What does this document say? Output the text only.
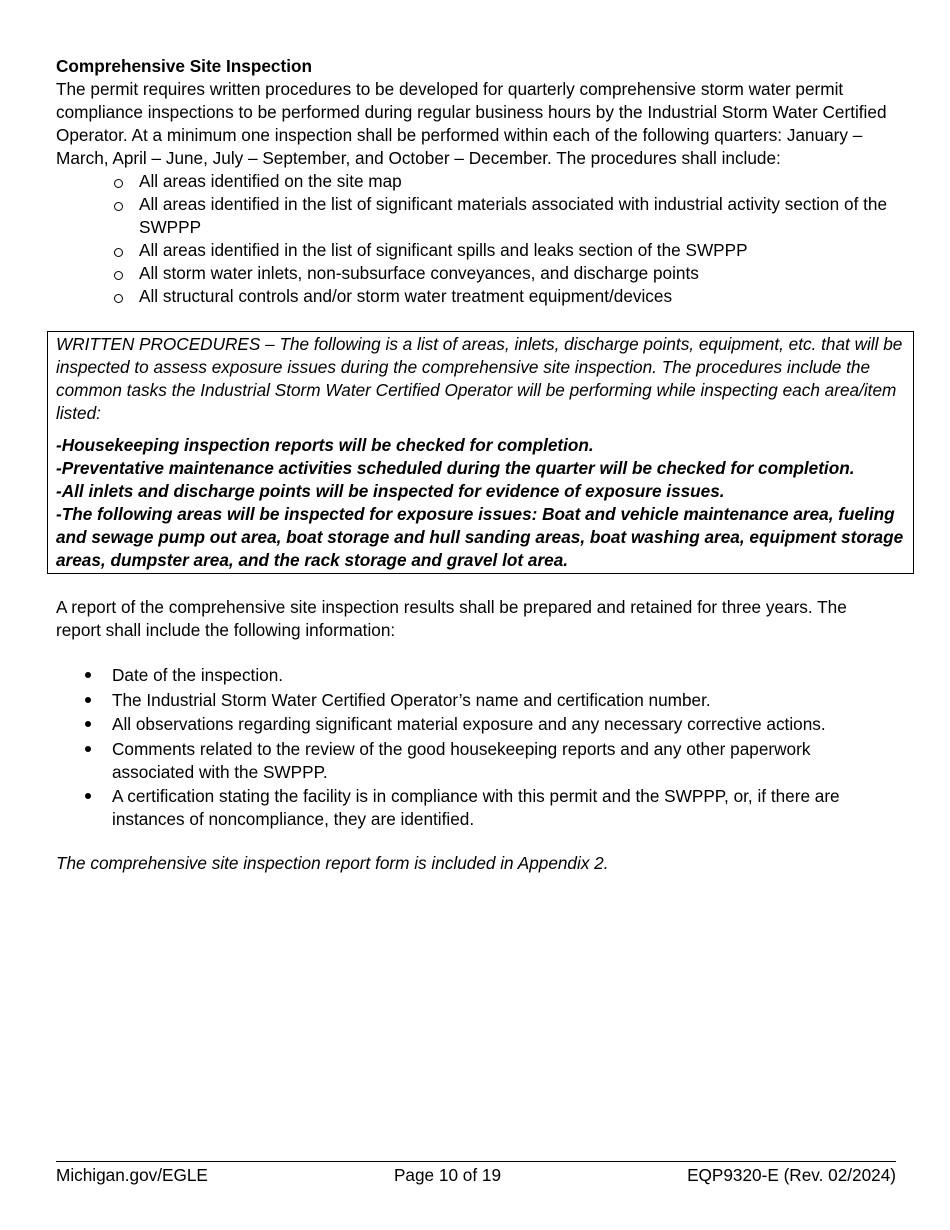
Comprehensive Site Inspection

The permit requires written procedures to be developed for quarterly comprehensive storm water permit compliance inspections to be performed during regular business hours by the Industrial Storm Water Certified Operator. At a minimum one inspection shall be performed within each of the following quarters: January – March, April – June, July – September, and October – December. The procedures shall include:

All areas identified on the site map
All areas identified in the list of significant materials associated with industrial activity section of the SWPPP
All areas identified in the list of significant spills and leaks section of the SWPPP
All storm water inlets, non-subsurface conveyances, and discharge points
All structural controls and/or storm water treatment equipment/devices
WRITTEN PROCEDURES – The following is a list of areas, inlets, discharge points, equipment, etc. that will be inspected to assess exposure issues during the comprehensive site inspection. The procedures include the common tasks the Industrial Storm Water Certified Operator will be performing while inspecting each area/item listed:
-Housekeeping inspection reports will be checked for completion.
-Preventative maintenance activities scheduled during the quarter will be checked for completion.
-All inlets and discharge points will be inspected for evidence of exposure issues.
-The following areas will be inspected for exposure issues: Boat and vehicle maintenance area, fueling and sewage pump out area, boat storage and hull sanding areas, boat washing area, equipment storage areas, dumpster area, and the rack storage and gravel lot area.

A report of the comprehensive site inspection results shall be prepared and retained for three years. The report shall include the following information:

Date of the inspection.
The Industrial Storm Water Certified Operator’s name and certification number.
All observations regarding significant material exposure and any necessary corrective actions.
Comments related to the review of the good housekeeping reports and any other paperwork associated with the SWPPP.
A certification stating the facility is in compliance with this permit and the SWPPP, or, if there are instances of noncompliance, they are identified.

The comprehensive site inspection report form is included in Appendix 2.

Michigan.gov/EGLE	Page 10 of 19	EQP9320-E (Rev. 02/2024)
